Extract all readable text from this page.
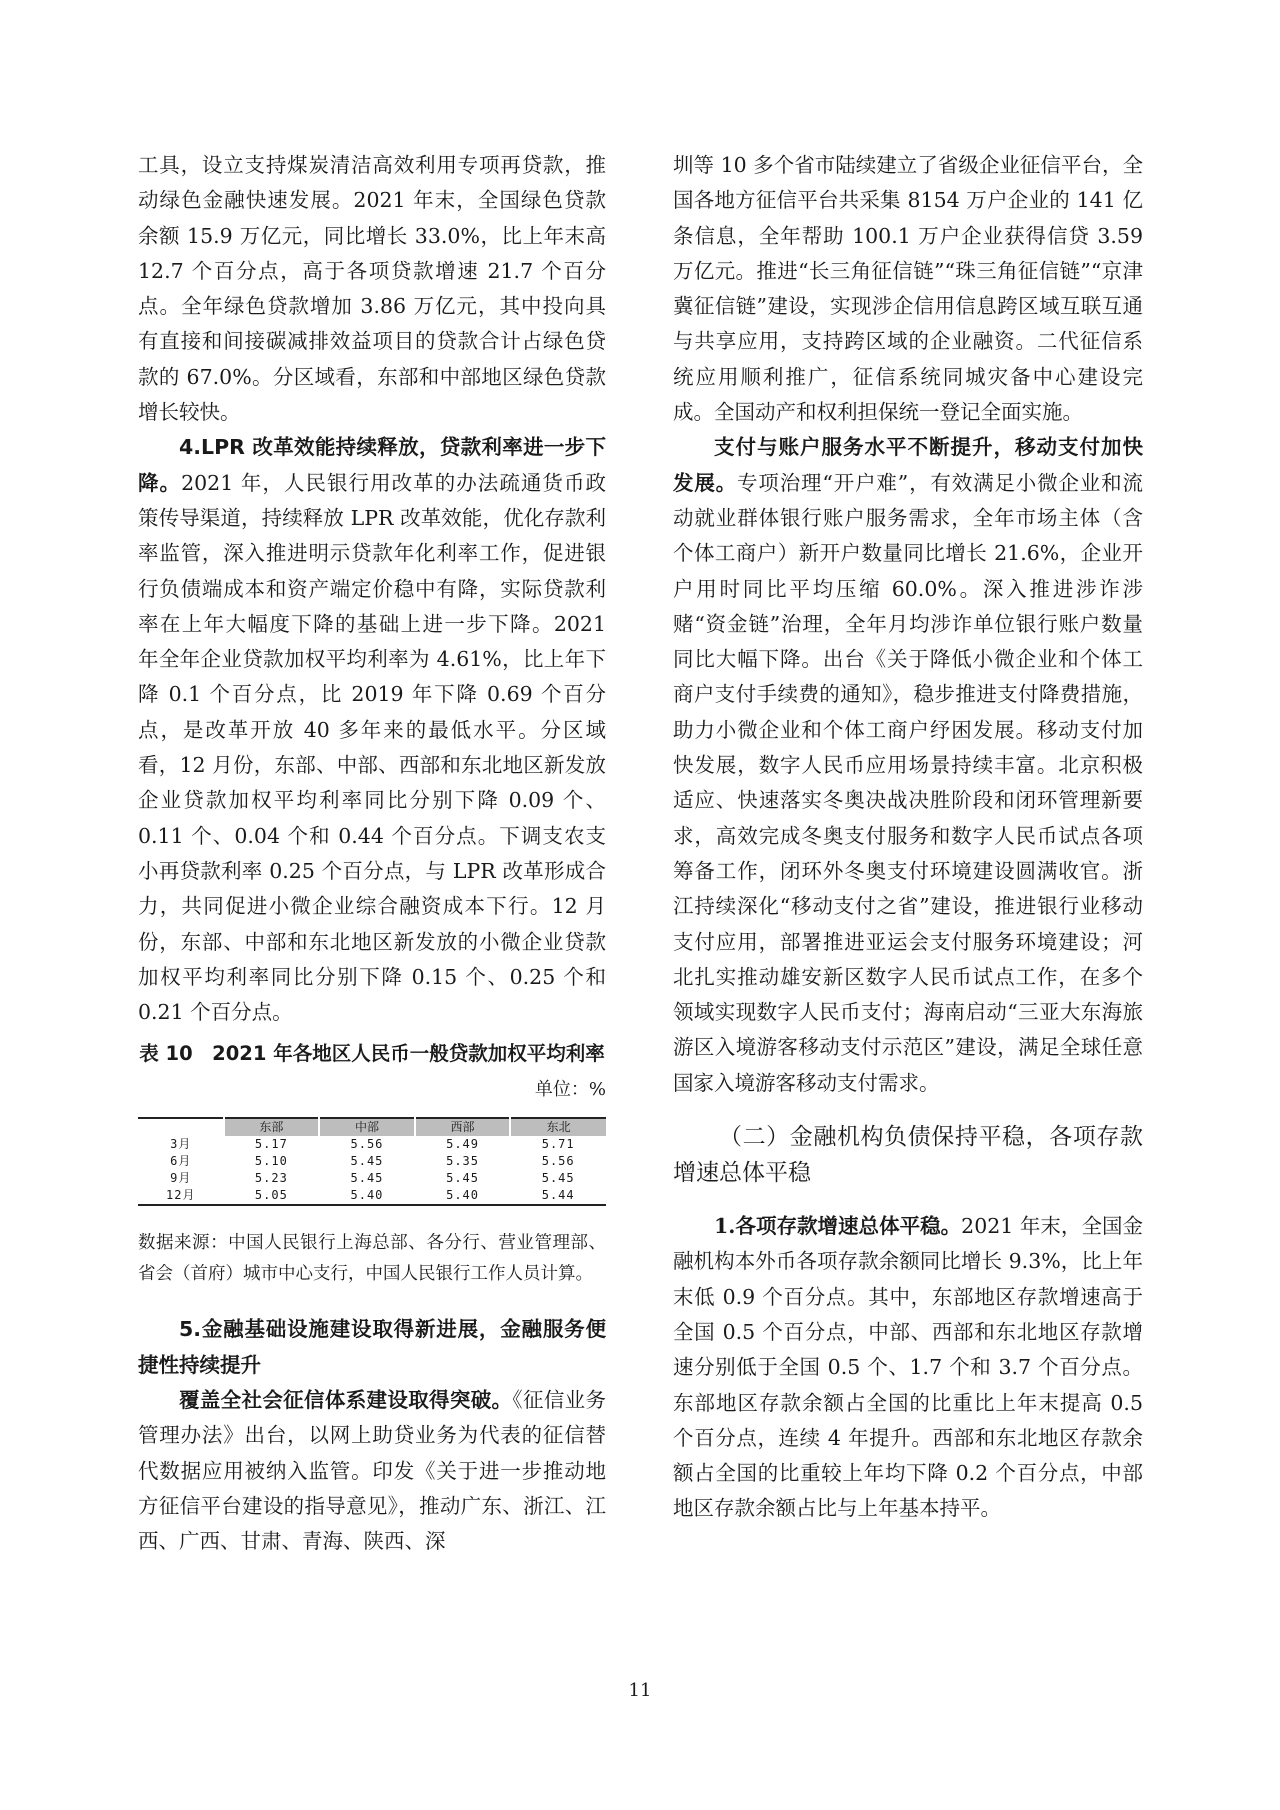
工具，设立支持煤炭清洁高效利用专项再贷款，推动绿色金融快速发展。2021 年末，全国绿色贷款余额 15.9 万亿元，同比增长 33.0%，比上年末高 12.7 个百分点，高于各项贷款增速 21.7 个百分点。全年绿色贷款增加 3.86 万亿元，其中投向具有直接和间接碳减排效益项目的贷款合计占绿色贷款的 67.0%。分区域看，东部和中部地区绿色贷款增长较快。

4.LPR 改革效能持续释放，贷款利率进一步下降。2021 年，人民银行用改革的办法疏通货币政策传导渠道，持续释放 LPR 改革效能，优化存款利率监管，深入推进明示贷款年化利率工作，促进银行负债端成本和资产端定价稳中有降，实际贷款利率在上年大幅度下降的基础上进一步下降。2021 年全年企业贷款加权平均利率为 4.61%，比上年下降 0.1 个百分点，比 2019 年下降 0.69 个百分点，是改革开放 40 多年来的最低水平。分区域看，12 月份，东部、中部、西部和东北地区新发放企业贷款加权平均利率同比分别下降 0.09 个、0.11 个、0.04 个和 0.44 个百分点。下调支农支小再贷款利率 0.25 个百分点，与 LPR 改革形成合力，共同促进小微企业综合融资成本下行。12 月份，东部、中部和东北地区新发放的小微企业贷款加权平均利率同比分别下降 0.15 个、0.25 个和 0.21 个百分点。

表 10　2021 年各地区人民币一般贷款加权平均利率
单位：%
	东部	中部	西部	东北
3月	5.17	5.56	5.49	5.71
6月	5.10	5.45	5.35	5.56
9月	5.23	5.45	5.45	5.45
12月	5.05	5.40	5.40	5.44
数据来源：中国人民银行上海总部、各分行、营业管理部、省会（首府）城市中心支行，中国人民银行工作人员计算。

5.金融基础设施建设取得新进展，金融服务便捷性持续提升

覆盖全社会征信体系建设取得突破。《征信业务管理办法》出台，以网上助贷业务为代表的征信替代数据应用被纳入监管。印发《关于进一步推动地方征信平台建设的指导意见》，推动广东、浙江、江西、广西、甘肃、青海、陕西、深

圳等 10 多个省市陆续建立了省级企业征信平台，全国各地方征信平台共采集 8154 万户企业的 141 亿条信息，全年帮助 100.1 万户企业获得信贷 3.59 万亿元。推进“长三角征信链”“珠三角征信链”“京津冀征信链”建设，实现涉企信用信息跨区域互联互通与共享应用，支持跨区域的企业融资。二代征信系统应用顺利推广，征信系统同城灾备中心建设完成。全国动产和权利担保统一登记全面实施。

支付与账户服务水平不断提升，移动支付加快发展。专项治理“开户难”，有效满足小微企业和流动就业群体银行账户服务需求，全年市场主体（含个体工商户）新开户数量同比增长 21.6%，企业开户用时同比平均压缩 60.0%。深入推进涉诈涉赌“资金链”治理，全年月均涉诈单位银行账户数量同比大幅下降。出台《关于降低小微企业和个体工商户支付手续费的通知》，稳步推进支付降费措施，助力小微企业和个体工商户纾困发展。移动支付加快发展，数字人民币应用场景持续丰富。北京积极适应、快速落实冬奥决战决胜阶段和闭环管理新要求，高效完成冬奥支付服务和数字人民币试点各项筹备工作，闭环外冬奥支付环境建设圆满收官。浙江持续深化“移动支付之省”建设，推进银行业移动支付应用，部署推进亚运会支付服务环境建设；河北扎实推动雄安新区数字人民币试点工作，在多个领域实现数字人民币支付；海南启动“三亚大东海旅游区入境游客移动支付示范区”建设，满足全球任意国家入境游客移动支付需求。

（二）金融机构负债保持平稳，各项存款增速总体平稳

1.各项存款增速总体平稳。2021 年末，全国金融机构本外币各项存款余额同比增长 9.3%，比上年末低 0.9 个百分点。其中，东部地区存款增速高于全国 0.5 个百分点，中部、西部和东北地区存款增速分别低于全国 0.5 个、1.7 个和 3.7 个百分点。东部地区存款余额占全国的比重比上年末提高 0.5 个百分点，连续 4 年提升。西部和东北地区存款余额占全国的比重较上年均下降 0.2 个百分点，中部地区存款余额占比与上年基本持平。

11
